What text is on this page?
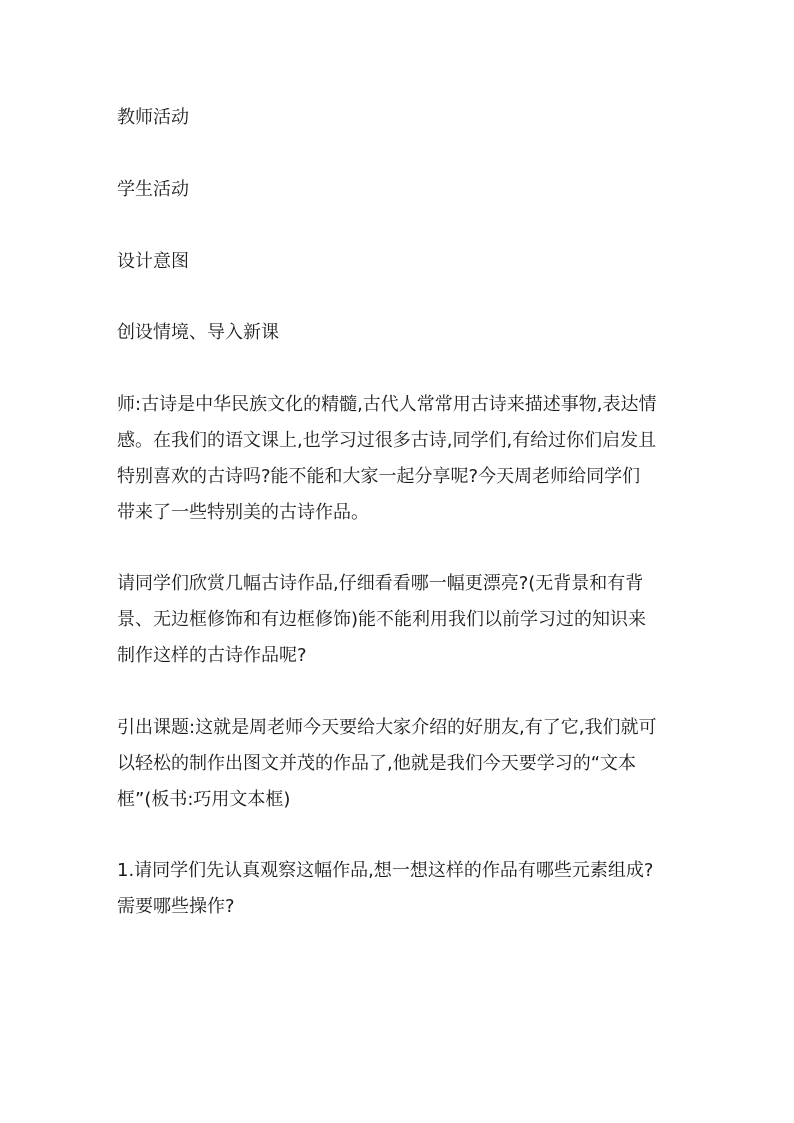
教师活动

学生活动

设计意图

创设情境、导入新课

师:古诗是中华民族文化的精髓,古代人常常用古诗来描述事物,表达情

感。在我们的语文课上,也学习过很多古诗,同学们,有给过你们启发且

特别喜欢的古诗吗?能不能和大家一起分享呢?今天周老师给同学们

带来了一些特别美的古诗作品。

请同学们欣赏几幅古诗作品,仔细看看哪一幅更漂亮?(无背景和有背

景、无边框修饰和有边框修饰)能不能利用我们以前学习过的知识来

制作这样的古诗作品呢?

引出课题:这就是周老师今天要给大家介绍的好朋友,有了它,我们就可

以轻松的制作出图文并茂的作品了,他就是我们今天要学习的“文本

框”(板书:巧用文本框)

1.请同学们先认真观察这幅作品,想一想这样的作品有哪些元素组成?

需要哪些操作?
